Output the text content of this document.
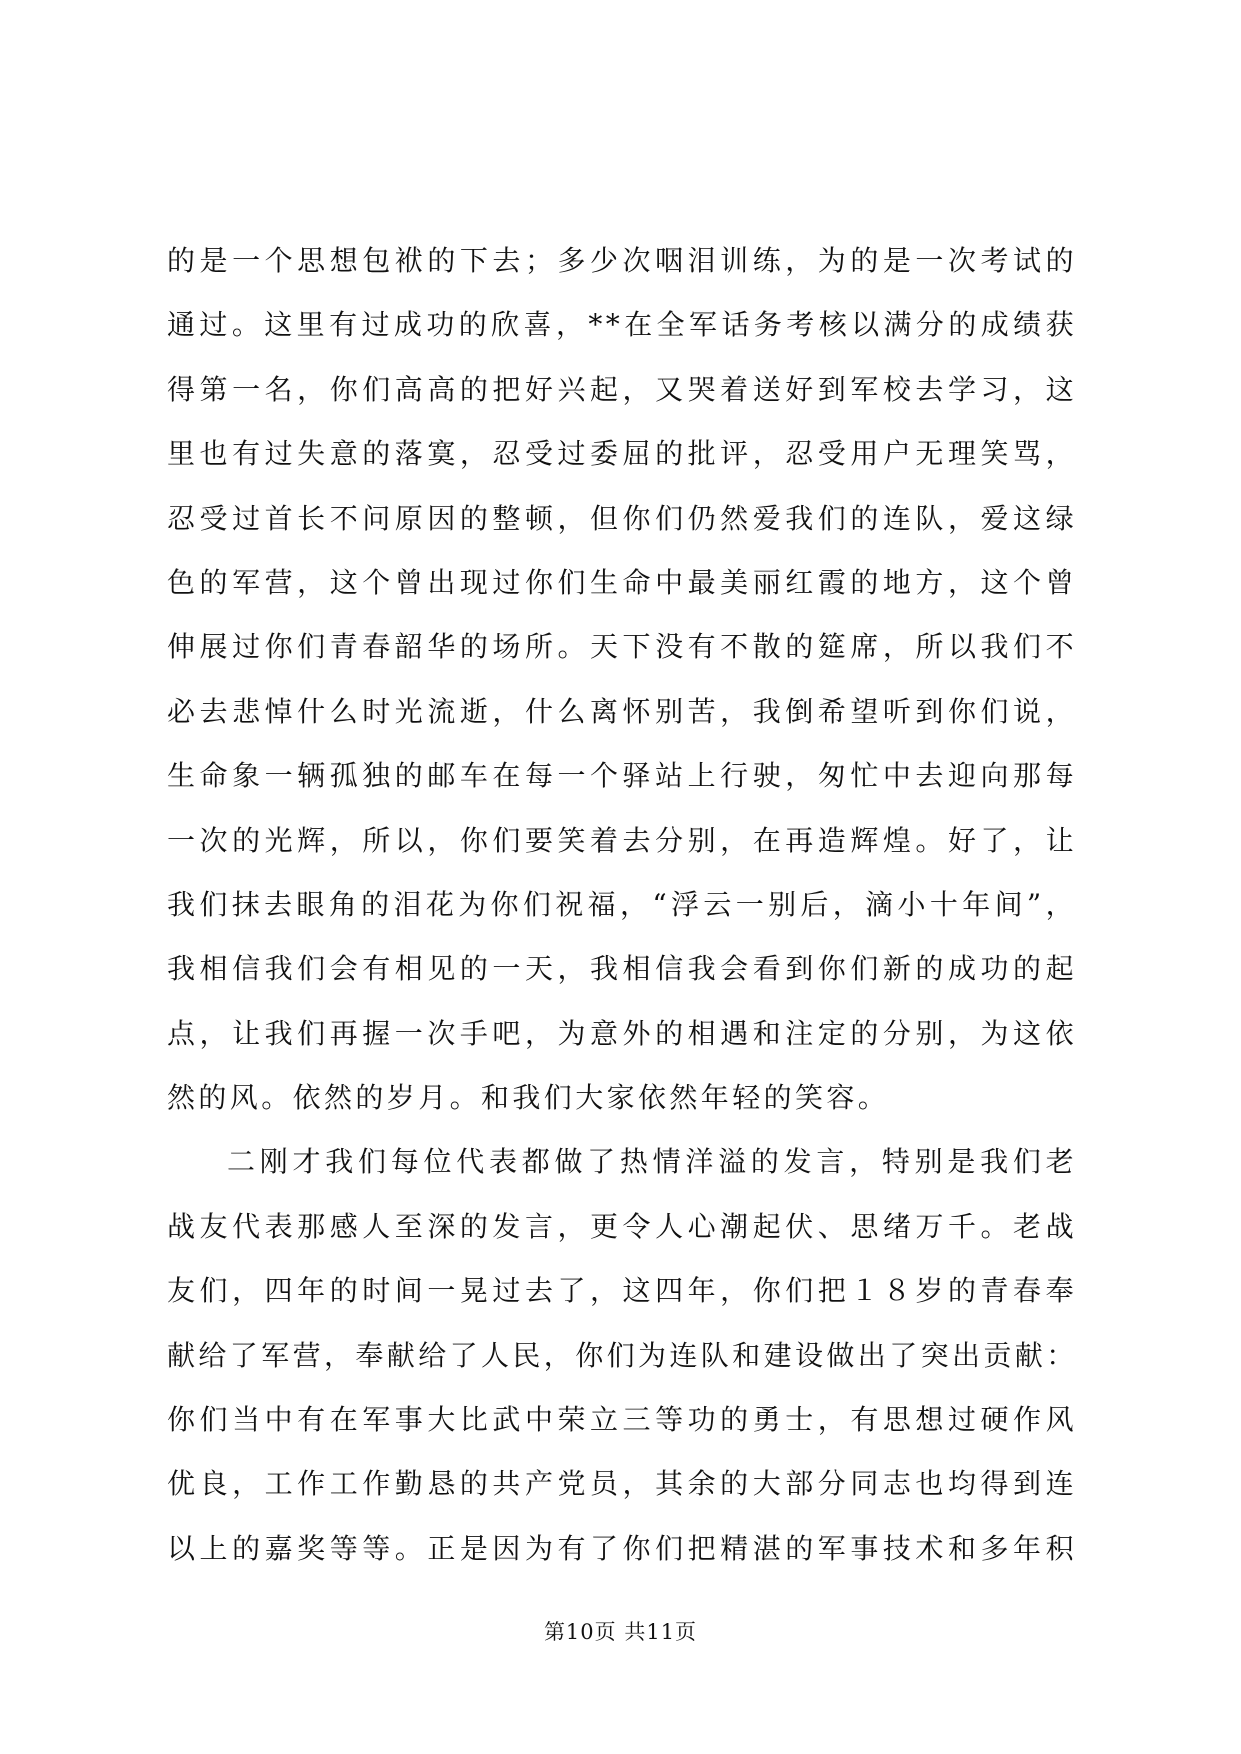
的是一个思想包袱的下去；多少次咽泪训练，为的是一次考试的
通过。这里有过成功的欣喜，**在全军话务考核以满分的成绩获
得第一名，你们高高的把好兴起，又哭着送好到军校去学习，这
里也有过失意的落寞，忍受过委屈的批评，忍受用户无理笑骂，
忍受过首长不问原因的整顿，但你们仍然爱我们的连队，爱这绿
色的军营，这个曾出现过你们生命中最美丽红霞的地方，这个曾
伸展过你们青春韶华的场所。天下没有不散的筵席，所以我们不
必去悲悼什么时光流逝，什么离怀别苦，我倒希望听到你们说，
生命象一辆孤独的邮车在每一个驿站上行驶，匆忙中去迎向那每
一次的光辉，所以，你们要笑着去分别，在再造辉煌。好了，让
我们抹去眼角的泪花为你们祝福，“浮云一别后，滴小十年间”，
我相信我们会有相见的一天，我相信我会看到你们新的成功的起
点，让我们再握一次手吧，为意外的相遇和注定的分别，为这依
然的风。依然的岁月。和我们大家依然年轻的笑容。
二刚才我们每位代表都做了热情洋溢的发言，特别是我们老
战友代表那感人至深的发言，更令人心潮起伏、思绪万千。老战
友们，四年的时间一晃过去了，这四年，你们把１８岁的青春奉
献给了军营，奉献给了人民，你们为连队和建设做出了突出贡献：
你们当中有在军事大比武中荣立三等功的勇士，有思想过硬作风
优良，工作工作勤恳的共产党员，其余的大部分同志也均得到连
以上的嘉奖等等。正是因为有了你们把精湛的军事技术和多年积
第10页 共11页
